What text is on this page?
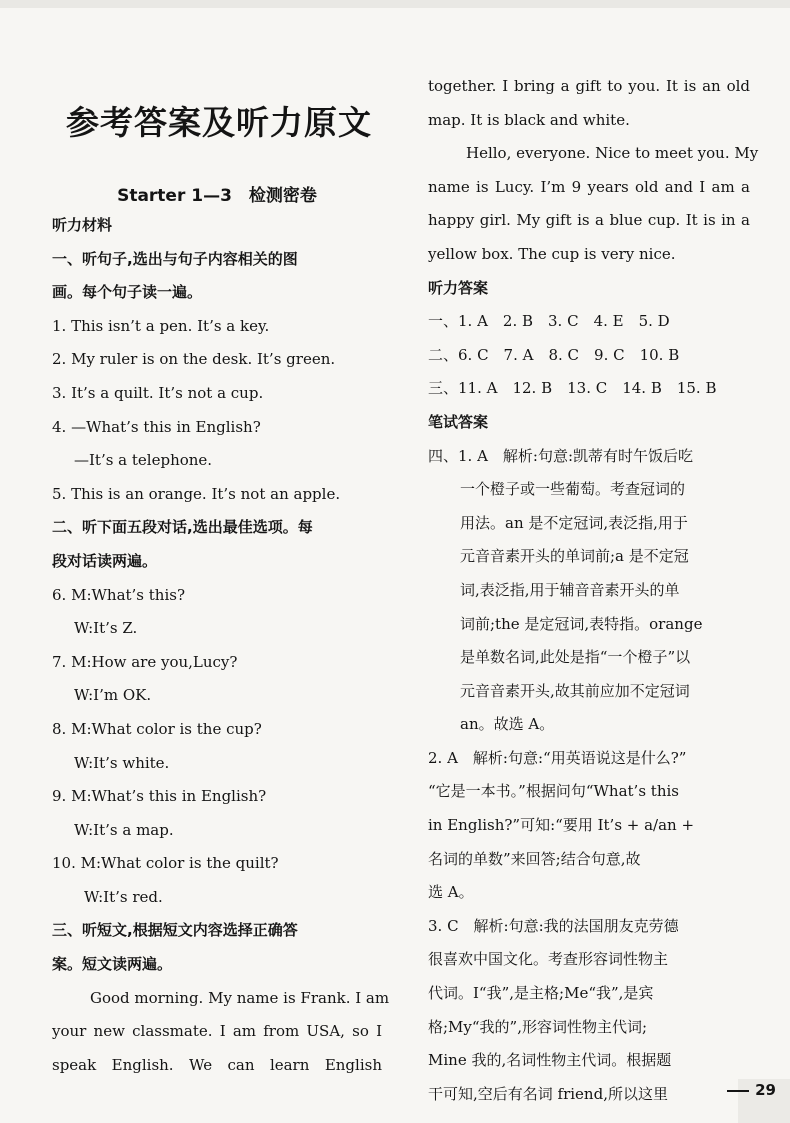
参考答案及听力原文
Starter 1—3　检测密卷
听力材料
一、听句子,选出与句子内容相关的图
画。每个句子读一遍。
1. This isn’t a pen. It’s a key.
2. My ruler is on the desk. It’s green.
3. It’s a quilt. It’s not a cup.
4. —What’s this in English?
—It’s a telephone.
5. This is an orange. It’s not an apple.
二、听下面五段对话,选出最佳选项。每
段对话读两遍。
6. M:What’s this?
W:It’s Z.
7. M:How are you,Lucy?
W:I’m OK.
8. M:What color is the cup?
W:It’s white.
9. M:What’s this in English?
W:It’s a map.
10. M:What color is the quilt?
W:It’s red.
三、听短文,根据短文内容选择正确答
案。短文读两遍。
Good morning. My name is Frank. I am
your new classmate. I am from USA, so I
speak English. We can learn English
together. I bring a gift to you. It is an old
map. It is black and white.
Hello, everyone. Nice to meet you. My
name is Lucy. I’m 9 years old and I am a
happy girl. My gift is a blue cup. It is in a
yellow box. The cup is very nice.
听力答案
一、1. A　2. B　3. C　4. E　5. D
二、6. C　7. A　8. C　9. C　10. B
三、11. A　12. B　13. C　14. B　15. B
笔试答案
四、1. A　解析:句意:凯蒂有时午饭后吃
一个橙子或一些葡萄。考查冠词的
用法。an 是不定冠词,表泛指,用于
元音音素开头的单词前;a 是不定冠
词,表泛指,用于辅音音素开头的单
词前;the 是定冠词,表特指。orange
是单数名词,此处是指“一个橙子”以
元音音素开头,故其前应加不定冠词
an。故选 A。
2. A　解析:句意:“用英语说这是什么?”
“它是一本书。”根据问句“What’s this
in English?”可知:“要用 It’s + a/an +
名词的单数”来回答;结合句意,故
选 A。
3. C　解析:句意:我的法国朋友克劳德
很喜欢中国文化。考查形容词性物主
代词。I“我”,是主格;Me“我”,是宾
格;My“我的”,形容词性物主代词;
Mine 我的,名词性物主代词。根据题
干可知,空后有名词 friend,所以这里	29
